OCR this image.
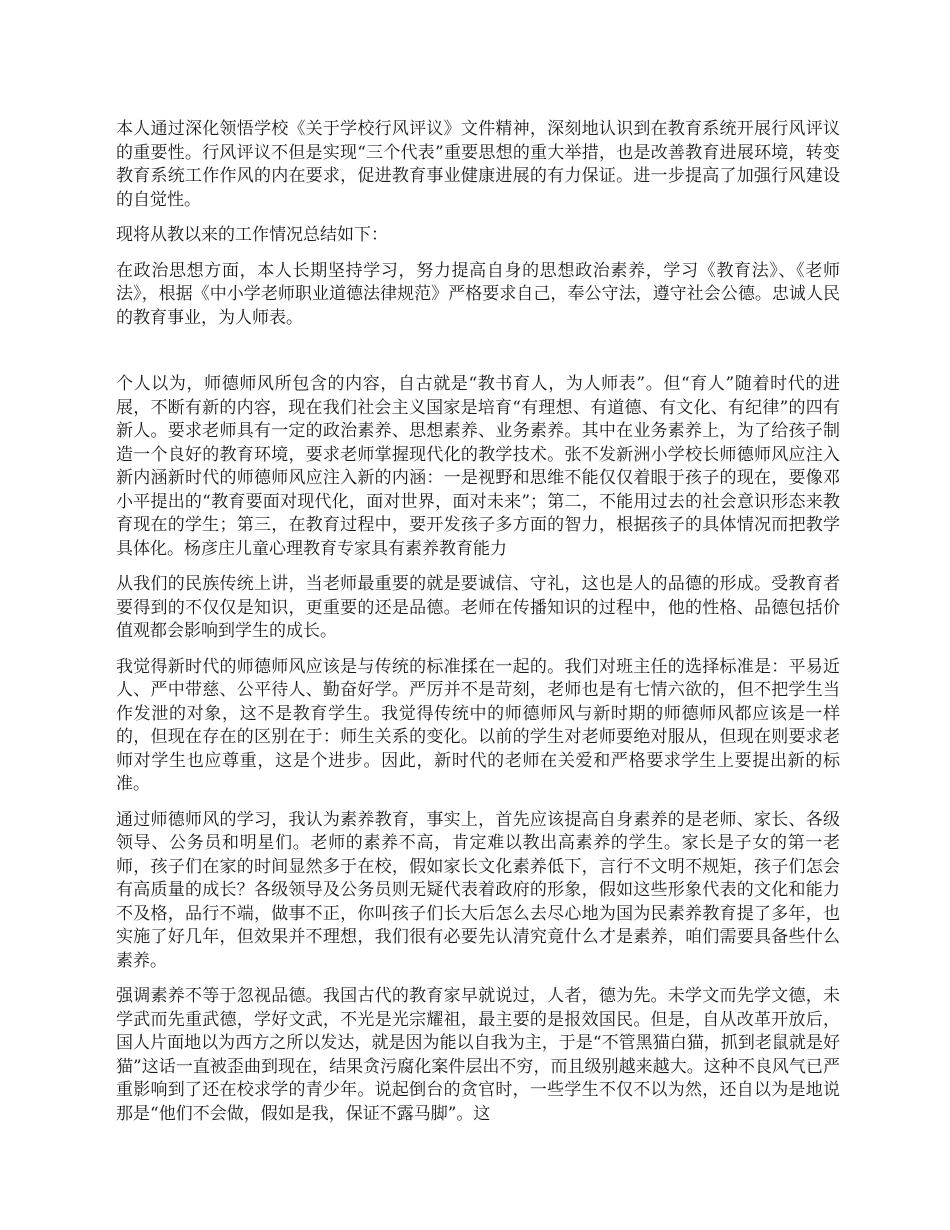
本人通过深化领悟学校《关于学校行风评议》文件精神，深刻地认识到在教育系统开展行风评议的重要性。行风评议不但是实现“三个代表”重要思想的重大举措，也是改善教育进展环境，转变教育系统工作作风的内在要求，促进教育事业健康进展的有力保证。进一步提高了加强行风建设的自觉性。

现将从教以来的工作情况总结如下：

在政治思想方面，本人长期坚持学习，努力提高自身的思想政治素养，学习《教育法》、《老师法》，根据《中小学老师职业道德法律规范》严格要求自己，奉公守法，遵守社会公德。忠诚人民的教育事业，为人师表。

个人以为，师德师风所包含的内容，自古就是“教书育人，为人师表”。但“育人”随着时代的进展，不断有新的内容，现在我们社会主义国家是培育“有理想、有道德、有文化、有纪律”的四有新人。要求老师具有一定的政治素养、思想素养、业务素养。其中在业务素养上，为了给孩子制造一个良好的教育环境，要求老师掌握现代化的教学技术。张不发新洲小学校长师德师风应注入新内涵新时代的师德师风应注入新的内涵：一是视野和思维不能仅仅着眼于孩子的现在，要像邓小平提出的“教育要面对现代化，面对世界，面对未来”；第二，不能用过去的社会意识形态来教育现在的学生；第三，在教育过程中，要开发孩子多方面的智力，根据孩子的具体情况而把教学具体化。杨彦庄儿童心理教育专家具有素养教育能力

从我们的民族传统上讲，当老师最重要的就是要诚信、守礼，这也是人的品德的形成。受教育者要得到的不仅仅是知识，更重要的还是品德。老师在传播知识的过程中，他的性格、品德包括价值观都会影响到学生的成长。

我觉得新时代的师德师风应该是与传统的标准揉在一起的。我们对班主任的选择标准是：平易近人、严中带慈、公平待人、勤奋好学。严厉并不是苛刻，老师也是有七情六欲的，但不把学生当作发泄的对象，这不是教育学生。我觉得传统中的师德师风与新时期的师德师风都应该是一样的，但现在存在的区别在于：师生关系的变化。以前的学生对老师要绝对服从，但现在则要求老师对学生也应尊重，这是个进步。因此，新时代的老师在关爱和严格要求学生上要提出新的标准。

通过师德师风的学习，我认为素养教育，事实上，首先应该提高自身素养的是老师、家长、各级领导、公务员和明星们。老师的素养不高，肯定难以教出高素养的学生。家长是子女的第一老师，孩子们在家的时间显然多于在校，假如家长文化素养低下，言行不文明不规矩，孩子们怎会有高质量的成长？各级领导及公务员则无疑代表着政府的形象，假如这些形象代表的文化和能力不及格，品行不端，做事不正，你叫孩子们长大后怎么去尽心地为国为民素养教育提了多年，也实施了好几年，但效果并不理想，我们很有必要先认清究竟什么才是素养，咱们需要具备些什么素养。

强调素养不等于忽视品德。我国古代的教育家早就说过，人者，德为先。未学文而先学文德，未学武而先重武德，学好文武，不光是光宗耀祖，最主要的是报效国民。但是，自从改革开放后，国人片面地以为西方之所以发达，就是因为能以自我为主，于是“不管黑猫白猫，抓到老鼠就是好猫”这话一直被歪曲到现在，结果贪污腐化案件层出不穷，而且级别越来越大。这种不良风气已严重影响到了还在校求学的青少年。说起倒台的贪官时，一些学生不仅不以为然，还自以为是地说那是“他们不会做，假如是我，保证不露马脚”。这
